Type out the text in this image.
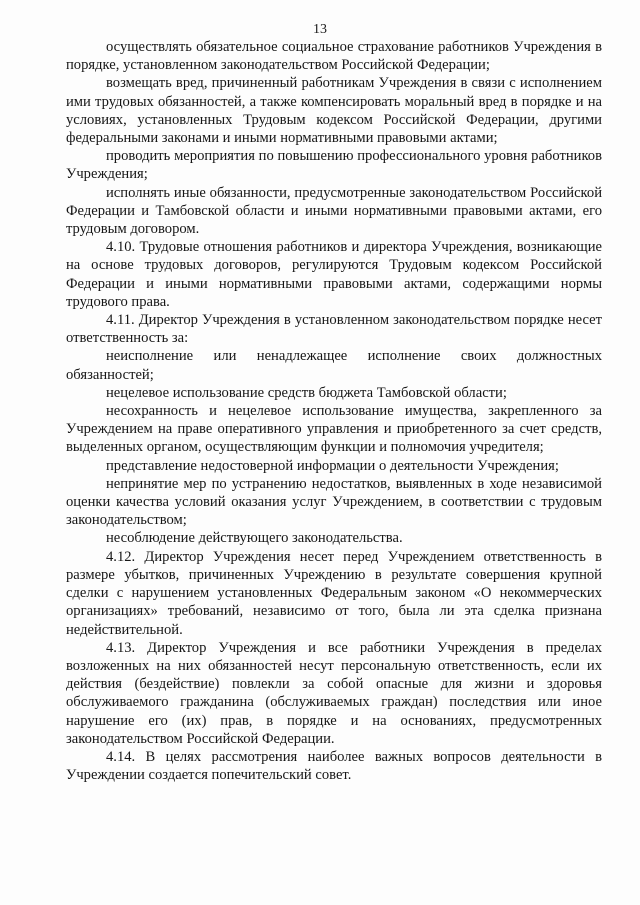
13

осуществлять обязательное социальное страхование работников Учреждения в порядке, установленном законодательством Российской Федерации;

возмещать вред, причиненный работникам Учреждения в связи с исполнением ими трудовых обязанностей, а также компенсировать моральный вред в порядке и на условиях, установленных Трудовым кодексом Российской Федерации, другими федеральными законами и иными нормативными правовыми актами;

проводить мероприятия по повышению профессионального уровня работников Учреждения;

исполнять иные обязанности, предусмотренные законодательством Российской Федерации и Тамбовской области и иными нормативными правовыми актами, его трудовым договором.

4.10. Трудовые отношения работников и директора Учреждения, возникающие на основе трудовых договоров, регулируются Трудовым кодексом Российской Федерации и иными нормативными правовыми актами, содержащими нормы трудового права.

4.11. Директор Учреждения в установленном законодательством порядке несет ответственность за:

неисполнение или ненадлежащее исполнение своих должностных обязанностей;

нецелевое использование средств бюджета Тамбовской области;

несохранность и нецелевое использование имущества, закрепленного за Учреждением на праве оперативного управления и приобретенного за счет средств, выделенных органом, осуществляющим функции и полномочия учредителя;

представление недостоверной информации о деятельности Учреждения;

непринятие мер по устранению недостатков, выявленных в ходе независимой оценки качества условий оказания услуг Учреждением, в соответствии с трудовым законодательством;

несоблюдение действующего законодательства.

4.12. Директор Учреждения несет перед Учреждением ответственность в размере убытков, причиненных Учреждению в результате совершения крупной сделки с нарушением установленных Федеральным законом «О некоммерческих организациях» требований, независимо от того, была ли эта сделка признана недействительной.

4.13. Директор Учреждения и все работники Учреждения в пределах возложенных на них обязанностей несут персональную ответственность, если их действия (бездействие) повлекли за собой опасные для жизни и здоровья обслуживаемого гражданина (обслуживаемых граждан) последствия или иное нарушение его (их) прав, в порядке и на основаниях, предусмотренных законодательством Российской Федерации.

4.14. В целях рассмотрения наиболее важных вопросов деятельности в Учреждении создается попечительский совет.
